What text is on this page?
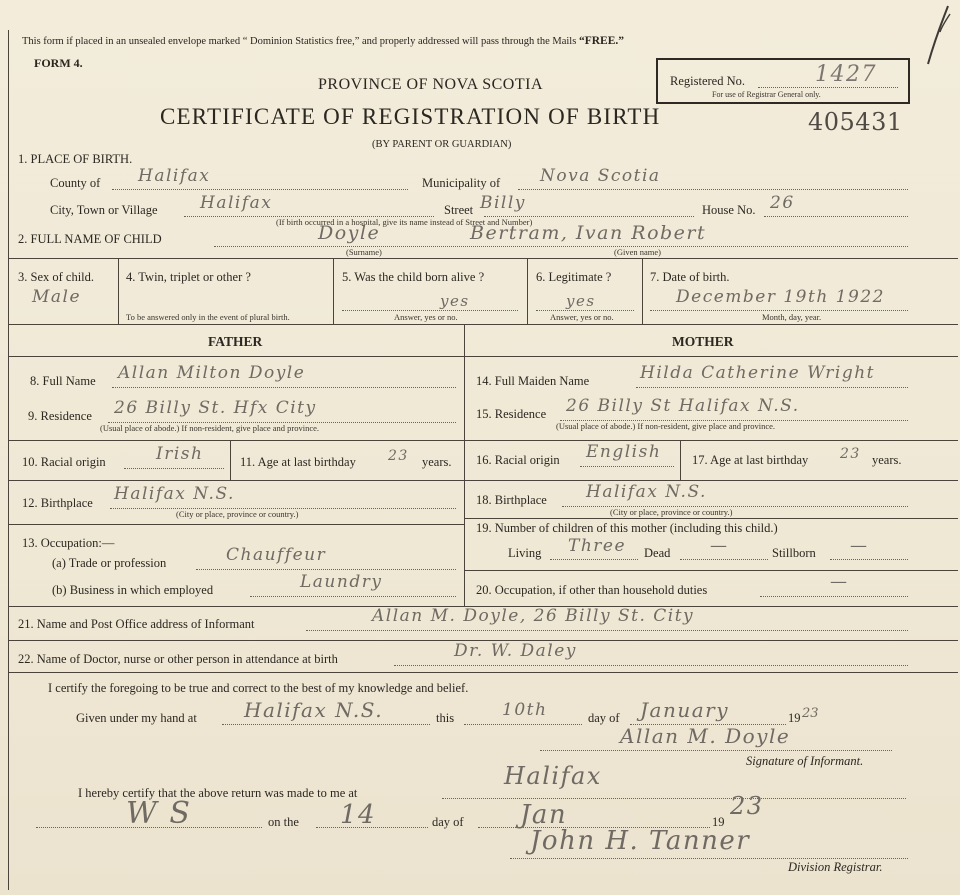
This form if placed in an unsealed envelope marked “ Dominion Statistics free,” and properly addressed will pass through the Mails “FREE.”
FORM 4.
PROVINCE OF NOVA SCOTIA
CERTIFICATE OF REGISTRATION OF BIRTH
(BY PARENT OR GUARDIAN)
Registered No.	1427
For use of Registrar General only.
405431
1. PLACE OF BIRTH.
County of Halifax	Municipality of Nova Scotia
City, Town or Village Halifax	Street Billy	House No. 26
(If birth occurred in a hospital, give its name instead of Street and Number)
2. FULL NAME OF CHILD	Doyle	Bertram, Ivan Robert
(Surname)	(Given name)
3. Sex of child.
Male
4. Twin, triplet or other ?
To be answered only in the event of plural birth.
5. Was the child born alive ?
yes
Answer, yes or no.
6. Legitimate ?
yes
Answer, yes or no.
7. Date of birth.
December 19th 1922
Month, day, year.
FATHER	MOTHER
8. Full Name Allan Milton Doyle
9. Residence 26 Billy St. Hfx City
(Usual place of abode.) If non-resident, give place and province.
10. Racial origin	Irish	11. Age at last birthday 23 years.
12. Birthplace Halifax N.S.
(City or place, province or country.)
13. Occupation:—
(a) Trade or profession	Chauffeur
(b) Business in which employed	Laundry
14. Full Maiden Name	Hilda Catherine Wright
15. Residence 26 Billy St Halifax N.S.
(Usual place of abode.) If non-resident, give place and province.
16. Racial origin English 17. Age at last birthday 23 years.
18. Birthplace Halifax N.S.
(City or place, province or country.)
19. Number of children of this mother (including this child.)
Living Three Dead —	Stillborn —
20. Occupation, if other than household duties	—
21. Name and Post Office address of Informant	Allan M. Doyle, 26 Billy St. City
22. Name of Doctor, nurse or other person in attendance at birth	Dr. W. Daley
I certify the foregoing to be true and correct to the best of my knowledge and belief.
Given under my hand at Halifax N.S.	this	10th	day of January	19 23
Allan M. Doyle
Signature of Informant.
I hereby certify that the above return was made to me at
Halifax
W S	on the 14	day of Jan	19
23
John H. Tanner
Division Registrar.
